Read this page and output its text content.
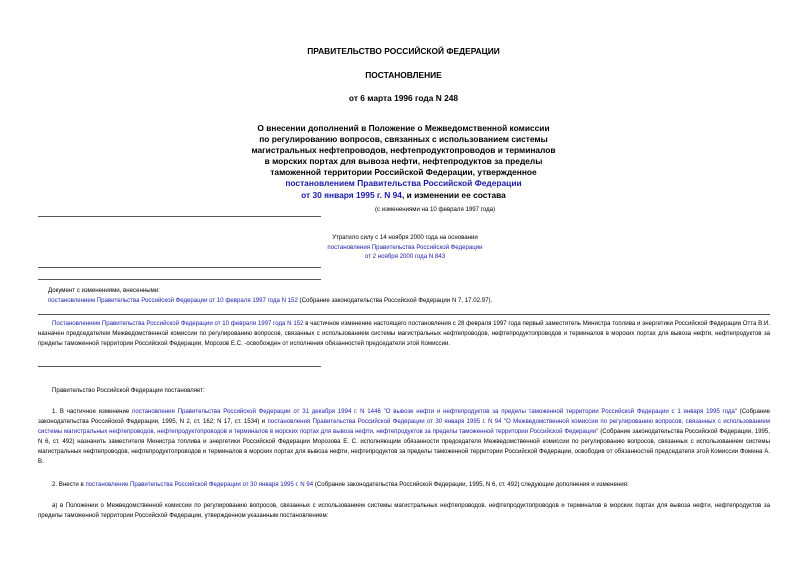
ПРАВИТЕЛЬСТВО РОССИЙСКОЙ ФЕДЕРАЦИИ
ПОСТАНОВЛЕНИЕ
от 6 марта 1996 года N 248
О внесении дополнений в Положение о Межведомственной комиссии
по регулированию вопросов, связанных с использованием системы
магистральных нефтепроводов, нефтепродуктопроводов и терминалов
в морских портах для вывоза нефти, нефтепродуктов за пределы
таможенной территории Российской Федерации, утвержденное
постановлением Правительства Российской Федерации
от 30 января 1995 г. N 94, и изменении ее состава
(с изменениями на 10 февраля 1997 года)
Утратило силу с 14 ноября 2000 года на основании
постановления Правительства Российской Федерации
от 2 ноября 2000 года N 843
Документ с изменениями, внесенными:
постановлением Правительства Российской Федерации от 10 февраля 1997 года N 152 (Собрание законодательства Российской Федерации N 7, 17.02.97).

Постановлением Правительства Российской Федерации от 10 февраля 1997 года N 152 в частичное изменение настоящего постановления с 28 февраля 1997 года первый заместитель Министра топлива и энергетики Российской Федерации Отта В.И. назначен председателем Межведомственной комиссии по регулированию вопросов, связанных с использованием системы магистральных нефтепроводов, нефтепродуктопроводов и терминалов в морских портах для вывоза нефти, нефтепродуктов за пределы таможенной территории Российской Федерации, Морозов Е.С. -освобожден от исполнения обязанностей председателя этой Комиссии.

Правительство Российской Федерации постановляет:

1. В частичное изменение постановления Правительства Российской Федерации от 31 декабря 1994 г. N 1446 "О вывозе нефти и нефтепродуктов за пределы таможенной территории Российской Федерации с 1 января 1995 года" (Собрание законодательства Российской Федерации, 1995, N 2, ст. 162; N 17, ст. 1534) и постановления Правительства Российской Федерации от 30 января 1995 г. N 94 "О Межведомственной комиссии по регулированию вопросов, связанных с использованием системы магистральных нефтепроводов, нефтепродуктопроводов и терминалов в морских портах для вывоза нефти, нефтепродуктов за пределы таможенной территории Российской Федерации" (Собрание законодательства Российской Федерации, 1995, N 6, ст. 492) назначить заместителя Министра топлива и энергетики Российской Федерации Морозова Е. С. исполняющим обязанности председателя Межведомственной комиссии по регулированию вопросов, связанных с использованием системы магистральных нефтепроводов, нефтепродуктопроводов и терминалов в морских портах для вывоза нефти, нефтепродуктов за пределы таможенной территории Российской Федерации, освободив от обязанностей председателя этой Комиссии Фомина А. В.

2. Внести в постановление Правительства Российской Федерации от 30 января 1995 г. N 94 (Собрание законодательства Российской Федерации, 1995, N 6, ст. 492) следующие дополнения и изменения:

а) в Положении о Межведомственной комиссии по регулированию вопросов, связанных с использованием системы магистральных нефтепроводов, нефтепродуктопроводов и терминалов в морских портах для вывоза нефти, нефтепродуктов за пределы таможенной территории Российской Федерации, утвержденном указанным постановлением:
